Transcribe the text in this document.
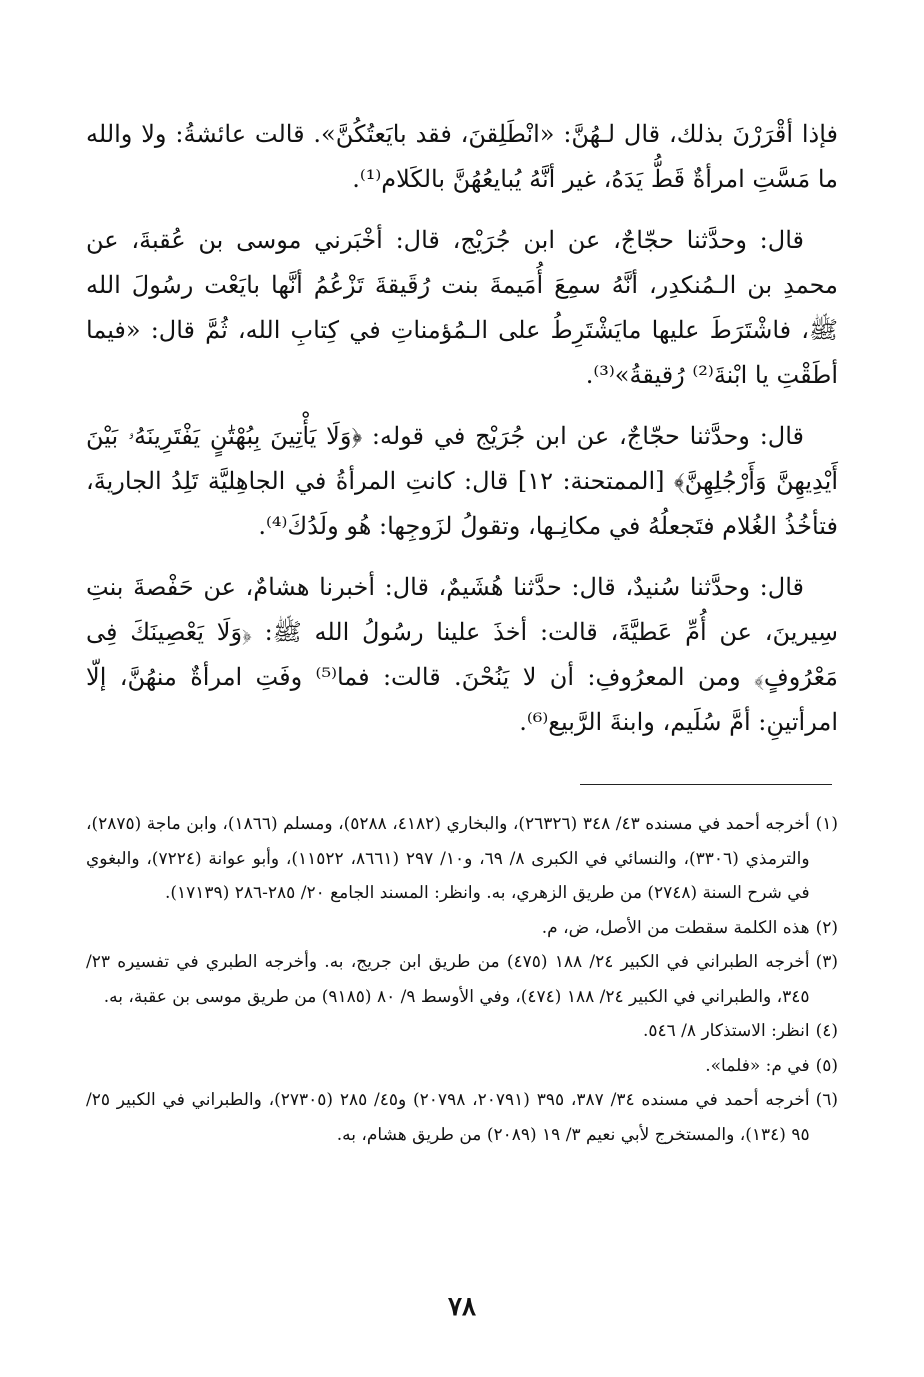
فإذا أقْرَرْنَ بذلك، قال لـهُنَّ: «انْطَلِقنَ، فقد بايَعتُكُنَّ». قالت عائشةُ: ولا والله ما مَسَّتِ امرأةٌ قَطُّ يَدَهُ، غير أنَّهُ يُبايعُهُنَّ بالكَلام⁽¹⁾.

قال: وحدَّثنا حجّاجٌ، عن ابن جُرَيْج، قال: أخْبَرني موسى بن عُقبةَ، عن محمدِ بن الـمُنكدِر، أنَّهُ سمِعَ أُمَيمةَ بنت رُقَيقةَ تَزْعُمُ أنَّها بايَعْت رسُولَ الله ﷺ، فاشْتَرَطَ عليها مايَشْتَرِطُ على الـمُؤمناتِ في كِتابِ الله، ثُمَّ قال: «فيما أطَقْتِ يا ابْنةَ⁽²⁾ رُقيقةُ»⁽³⁾.

قال: وحدَّثنا حجّاجٌ، عن ابن جُرَيْج في قوله: ﴿وَلَا يَأْتِينَ بِبُهْتَٰنٍ يَفْتَرِينَهُۥ بَيْنَ أَيْدِيهِنَّ وَأَرْجُلِهِنَّ﴾ [الممتحنة: ١٢] قال: كانتِ المرأةُ في الجاهِليَّة تَلِدُ الجاريةَ، فتأخُذُ الغُلام فتَجعلُهُ في مكانِـها، وتقولُ لزَوجِها: هُو ولَدُكَ⁽⁴⁾.

قال: وحدَّثنا سُنيدٌ، قال: حدَّثنا هُشَيمٌ، قال: أخبرنا هشامٌ، عن حَفْصةَ بنتِ سِيرينَ، عن أُمِّ عَطيَّةَ، قالت: أخذَ علينا رسُولُ الله ﷺ: ﴿وَلَا يَعْصِينَكَ فِى مَعْرُوفٍ﴾ ومن المعرُوفِ: أن لا يَنُحْنَ. قالت: فما⁽⁵⁾ وفَتِ امرأةٌ منهُنَّ، إلّا امرأتينِ: أمَّ سُلَيم، وابنةَ الرَّبيع⁽⁶⁾.

(١)
أخرجه أحمد في مسنده ٤٣/ ٣٤٨ (٢٦٣٢٦)، والبخاري (٤١٨٢، ٥٢٨٨)، ومسلم (١٨٦٦)، وابن ماجة (٢٨٧٥)، والترمذي (٣٣٠٦)، والنسائي في الكبرى ٨/ ٦٩، و١٠/ ٢٩٧ (٨٦٦١، ١١٥٢٢)، وأبو عوانة (٧٢٢٤)، والبغوي في شرح السنة (٢٧٤٨) من طريق الزهري، به. وانظر: المسند الجامع ٢٠/ ٢٨٥-٢٨٦ (١٧١٣٩).
(٢)
هذه الكلمة سقطت من الأصل، ض، م.
(٣)
أخرجه الطبراني في الكبير ٢٤/ ١٨٨ (٤٧٥) من طريق ابن جريج، به. وأخرجه الطبري في تفسيره ٢٣/ ٣٤٥، والطبراني في الكبير ٢٤/ ١٨٨ (٤٧٤)، وفي الأوسط ٩/ ٨٠ (٩١٨٥) من طريق موسى بن عقبة، به.
(٤)
انظر: الاستذكار ٨/ ٥٤٦.
(٥)
في م: «فلما».
(٦)
أخرجه أحمد في مسنده ٣٤/ ٣٨٧، ٣٩٥ (٢٠٧٩١، ٢٠٧٩٨) و٤٥/ ٢٨٥ (٢٧٣٠٥)، والطبراني في الكبير ٢٥/ ٩٥ (١٣٤)، والمستخرج لأبي نعيم ٣/ ١٩ (٢٠٨٩) من طريق هشام، به.
٧٨
